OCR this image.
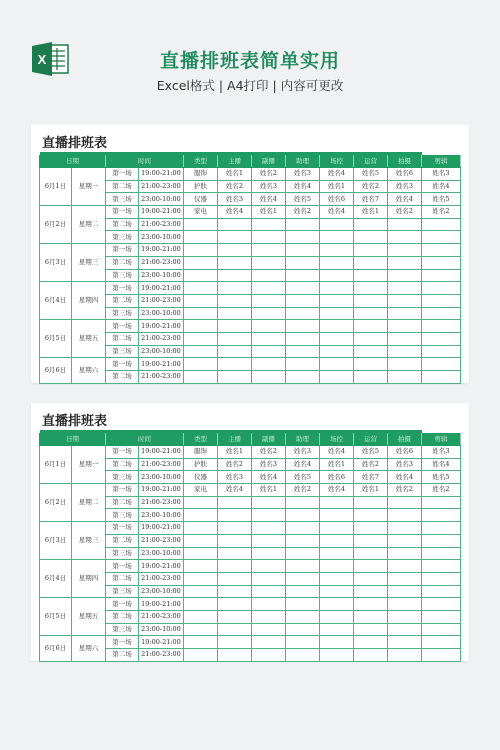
X	直播排班表简单实用
Excel格式 | A4打印 | 内容可更改
直播排班表

日期		时间		类型	主播	副播	助理	场控	运营	拍摄	剪辑
6月1日	星期一	第一场	19:00-21:00	服饰	姓名1	姓名2	姓名3	姓名4	姓名5	姓名6	姓名3
		第二场	21:00-23:00	护肤	姓名2	姓名3	姓名4	姓名1	姓名2	姓名3	姓名4
		第三场	23:00-10:00	仪器	姓名3	姓名4	姓名5	姓名6	姓名7	姓名4	姓名5
6月2日	星期二	第一场	19:00-21:00	家电	姓名4	姓名1	姓名2	姓名4	姓名1	姓名2	姓名2
		第二场	21:00-23:00								
		第三场	23:00-10:00								
6月3日	星期三	第一场	19:00-21:00								
		第二场	21:00-23:00								
		第三场	23:00-10:00								
6月4日	星期四	第一场	19:00-21:00								
		第二场	21:00-23:00								
		第三场	23:00-10:00								
6月5日	星期五	第一场	19:00-21:00								
		第二场	21:00-23:00								
		第三场	23:00-10:00								
6月6日	星期六	第一场	19:00-21:00								
		第二场	21:00-23:00								
直播排班表

日期		时间		类型	主播	副播	助理	场控	运营	拍摄	剪辑
6月1日	星期一	第一场	19:00-21:00	服饰	姓名1	姓名2	姓名3	姓名4	姓名5	姓名6	姓名3
		第二场	21:00-23:00	护肤	姓名2	姓名3	姓名4	姓名1	姓名2	姓名3	姓名4
		第三场	23:00-10:00	仪器	姓名3	姓名4	姓名5	姓名6	姓名7	姓名4	姓名5
6月2日	星期二	第一场	19:00-21:00	家电	姓名4	姓名1	姓名2	姓名4	姓名1	姓名2	姓名2
		第二场	21:00-23:00								
		第三场	23:00-10:00								
6月3日	星期三	第一场	19:00-21:00								
		第二场	21:00-23:00								
		第三场	23:00-10:00								
6月4日	星期四	第一场	19:00-21:00								
		第二场	21:00-23:00								
		第三场	23:00-10:00								
6月5日	星期五	第一场	19:00-21:00								
		第二场	21:00-23:00								
		第三场	23:00-10:00								
6月6日	星期六	第一场	19:00-21:00								
		第二场	21:00-23:00								
